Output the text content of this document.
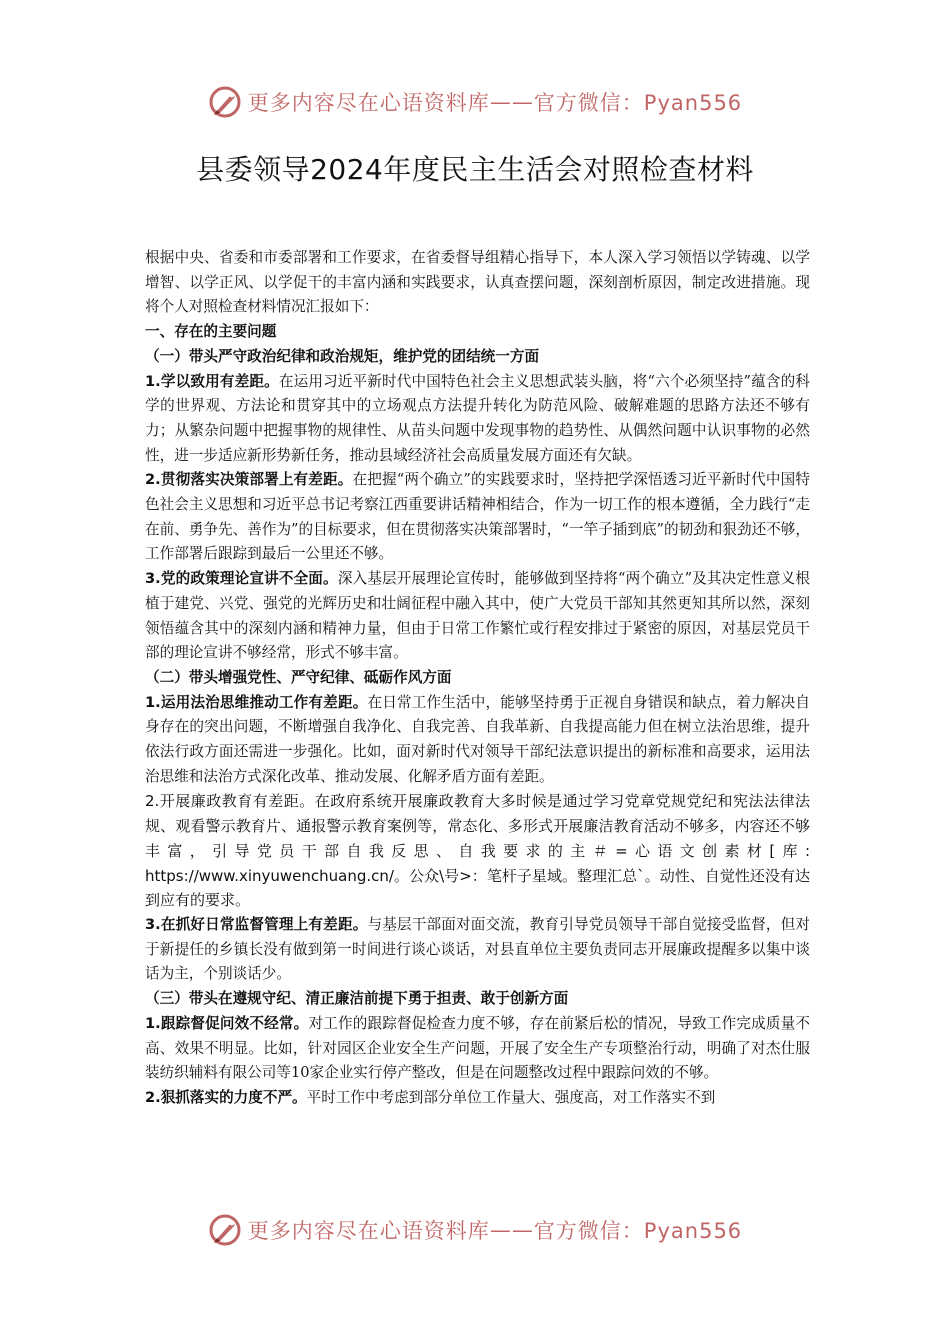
更多内容尽在心语资料库 —— 官方微信：Pyan556
县委领导2024年度民主生活会对照检查材料

根据中央、省委和市委部署和工作要求，在省委督导组精心指导下，本人深入学习领悟以学铸魂、以学增智、以学正风、以学促干的丰富内涵和实践要求，认真查摆问题，深刻剖析原因，制定改进措施。现将个人对照检查材料情况汇报如下：

一、存在的主要问题

（一）带头严守政治纪律和政治规矩，维护党的团结统一方面

1.学以致用有差距。在运用习近平新时代中国特色社会主义思想武装头脑，将“六个必须坚持”蕴含的科学的世界观、方法论和贯穿其中的立场观点方法提升转化为防范风险、破解难题的思路方法还不够有力；从繁杂问题中把握事物的规律性、从苗头问题中发现事物的趋势性、从偶然问题中认识事物的必然性，进一步适应新形势新任务，推动县域经济社会高质量发展方面还有欠缺。

2.贯彻落实决策部署上有差距。在把握“两个确立”的实践要求时，坚持把学深悟透习近平新时代中国特色社会主义思想和习近平总书记考察江西重要讲话精神相结合，作为一切工作的根本遵循，全力践行“走在前、勇争先、善作为”的目标要求，但在贯彻落实决策部署时，“一竿子插到底”的韧劲和狠劲还不够，工作部署后跟踪到最后一公里还不够。

3.党的政策理论宣讲不全面。深入基层开展理论宣传时，能够做到坚持将“两个确立”及其决定性意义根植于建党、兴党、强党的光辉历史和壮阔征程中融入其中，使广大党员干部知其然更知其所以然，深刻领悟蕴含其中的深刻内涵和精神力量，但由于日常工作繁忙或行程安排过于紧密的原因，对基层党员干部的理论宣讲不够经常，形式不够丰富。

（二）带头增强党性、严守纪律、砥砺作风方面

1.运用法治思维推动工作有差距。在日常工作生活中，能够坚持勇于正视自身错误和缺点，着力解决自身存在的突出问题，不断增强自我净化、自我完善、自我革新、自我提高能力但在树立法治思维，提升依法行政方面还需进一步强化。比如，面对新时代对领导干部纪法意识提出的新标准和高要求，运用法治思维和法治方式深化改革、推动发展、化解矛盾方面有差距。

2.开展廉政教育有差距。在政府系统开展廉政教育大多时候是通过学习党章党规党纪和宪法法律法规、观看警示教育片、通报警示教育案例等，常态化、多形式开展廉洁教育活动不够多，内容还不够丰富，引导党员干部自我反思、自我要求的主＃=心语文创素材[库: https://www.xinyuwenchuang.cn/。公众\号>：笔杆子星域。整理汇总`。动性、自觉性还没有达到应有的要求。

3.在抓好日常监督管理上有差距。与基层干部面对面交流，教育引导党员领导干部自觉接受监督，但对于新提任的乡镇长没有做到第一时间进行谈心谈话，对县直单位主要负责同志开展廉政提醒多以集中谈话为主，个别谈话少。

（三）带头在遵规守纪、清正廉洁前提下勇于担责、敢于创新方面

1.跟踪督促问效不经常。对工作的跟踪督促检查力度不够，存在前紧后松的情况，导致工作完成质量不高、效果不明显。比如，针对园区企业安全生产问题，开展了安全生产专项整治行动，明确了对杰仕服装纺织辅料有限公司等10家企业实行停产整改，但是在问题整改过程中跟踪问效的不够。

2.狠抓落实的力度不严。平时工作中考虑到部分单位工作量大、强度高，对工作落实不到

更多内容尽在心语资料库 —— 官方微信：Pyan556
